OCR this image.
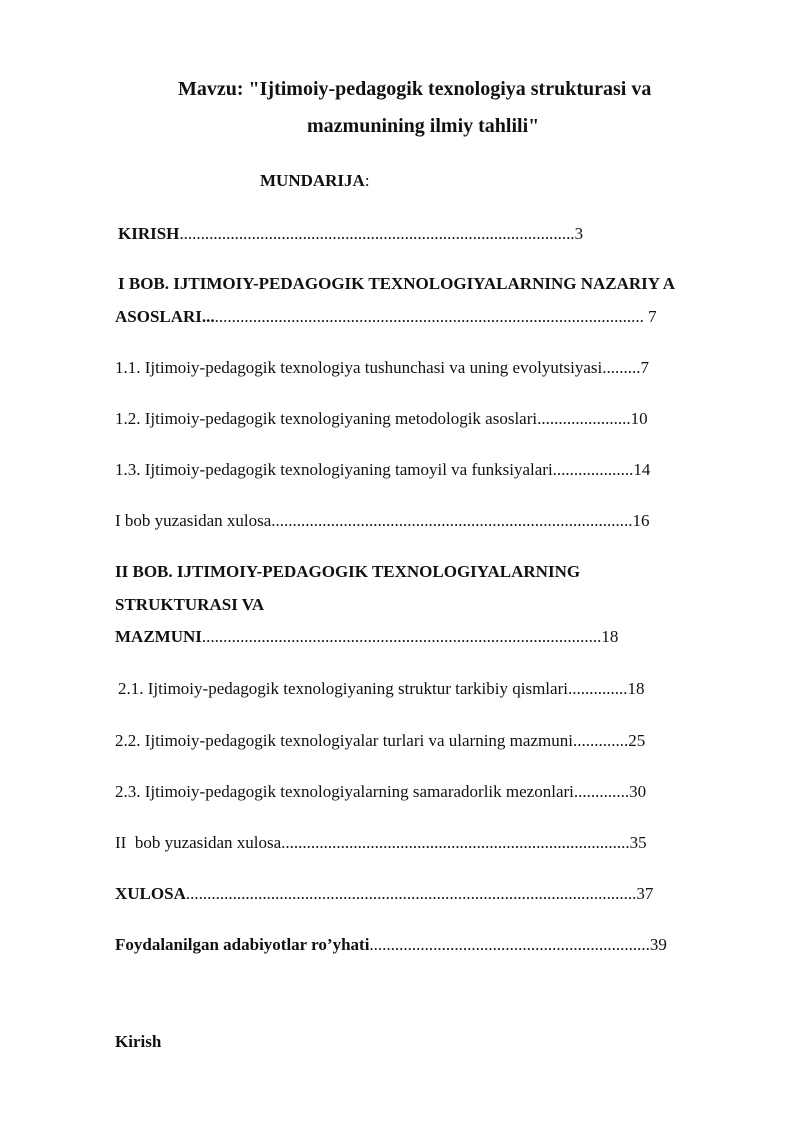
Mavzu: "Ijtimoiy-pedagogik texnologiya strukturasi va
mazmunining ilmiy tahlili"
MUNDARIJA:
KIRISH.............................................................................................3
I BOB. IJTIMOIY-PEDAGOGIK TEXNOLOGIYALARNING NAZARIY A
ASOSLARI........................................................................................................ 7
1.1. Ijtimoiy-pedagogik texnologiya tushunchasi va uning evolyutsiyasi.........7
1.2. Ijtimoiy-pedagogik texnologiyaning metodologik asoslari......................10
1.3. Ijtimoiy-pedagogik texnologiyaning tamoyil va funksiyalari...................14
I bob yuzasidan xulosa.....................................................................................16
II BOB. IJTIMOIY-PEDAGOGIK TEXNOLOGIYALARNING
STRUKTURASI VA
MAZMUNI..............................................................................................18
2.1. Ijtimoiy-pedagogik texnologiyaning struktur tarkibiy qismlari..............18
2.2. Ijtimoiy-pedagogik texnologiyalar turlari va ularning mazmuni.............25
2.3. Ijtimoiy-pedagogik texnologiyalarning samaradorlik mezonlari.............30
II  bob yuzasidan xulosa..................................................................................35
XULOSA..........................................................................................................37
Foydalanilgan adabiyotlar ro’yhati..................................................................39
Kirish
